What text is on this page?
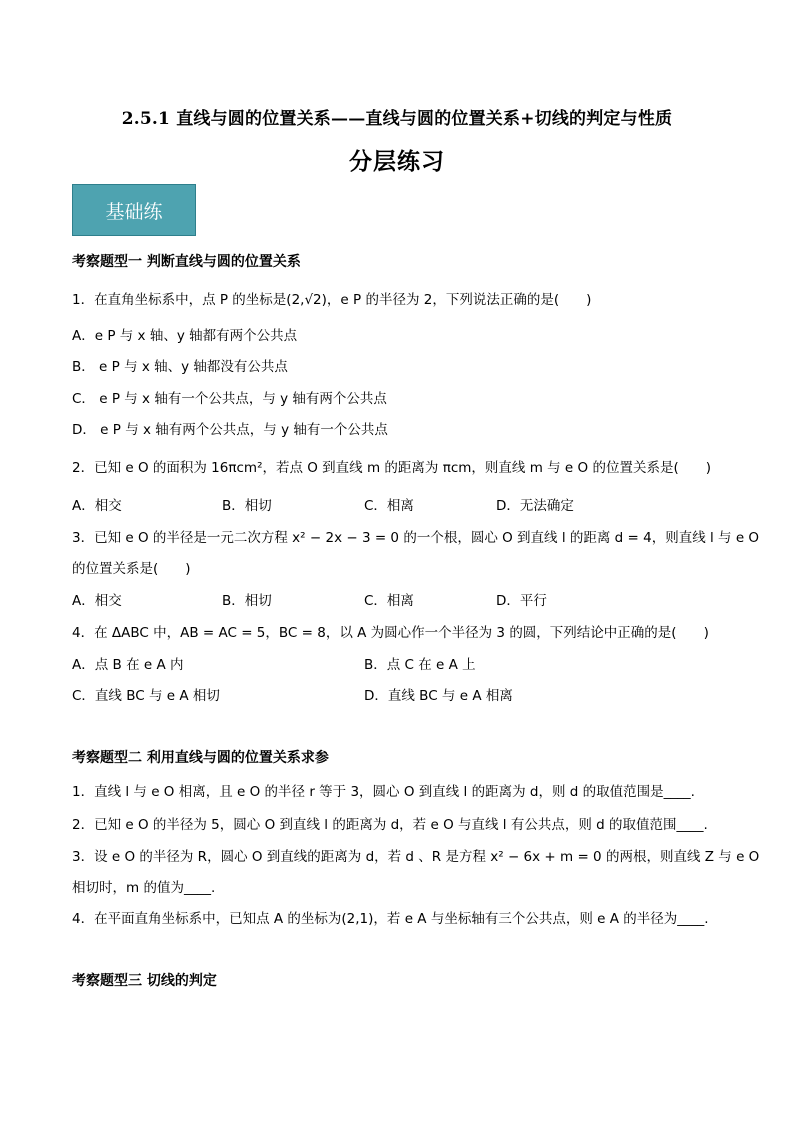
2.5.1 直线与圆的位置关系——直线与圆的位置关系+切线的判定与性质
分层练习
基础练
考察题型一 判断直线与圆的位置关系
1．在直角坐标系中，点 P 的坐标是(2,√2)，e P 的半径为 2，下列说法正确的是(　　)
A．e P 与 x 轴、y 轴都有两个公共点
B． e P 与 x 轴、y 轴都没有公共点
C． e P 与 x 轴有一个公共点，与 y 轴有两个公共点
D． e P 与 x 轴有两个公共点，与 y 轴有一个公共点
2．已知 e O 的面积为 16πcm²，若点 O 到直线 m 的距离为 πcm，则直线 m 与 e O 的位置关系是(　　)
A．相交	B．相切	C．相离	D．无法确定
3．已知 e O 的半径是一元二次方程 x² − 2x − 3 = 0 的一个根，圆心 O 到直线 l 的距离 d = 4，则直线 l 与 e O
的位置关系是(　　)
A．相交	B．相切	C．相离	D．平行
4．在 ΔABC 中，AB = AC = 5，BC = 8，以 A 为圆心作一个半径为 3 的圆，下列结论中正确的是(　　)
A．点 B 在 e A 内	B．点 C 在 e A 上
C．直线 BC 与 e A 相切	D．直线 BC 与 e A 相离
考察题型二 利用直线与圆的位置关系求参
1．直线 l 与 e O 相离，且 e O 的半径 r 等于 3，圆心 O 到直线 l 的距离为 d，则 d 的取值范围是____.
2．已知 e O 的半径为 5，圆心 O 到直线 l 的距离为 d，若 e O 与直线 l 有公共点，则 d 的取值范围____.
3．设 e O 的半径为 R，圆心 O 到直线的距离为 d，若 d 、R 是方程 x² − 6x + m = 0 的两根，则直线 Z 与 e O
相切时，m 的值为____.
4．在平面直角坐标系中，已知点 A 的坐标为(2,1)，若 e A 与坐标轴有三个公共点，则 e A 的半径为____.
考察题型三 切线的判定
